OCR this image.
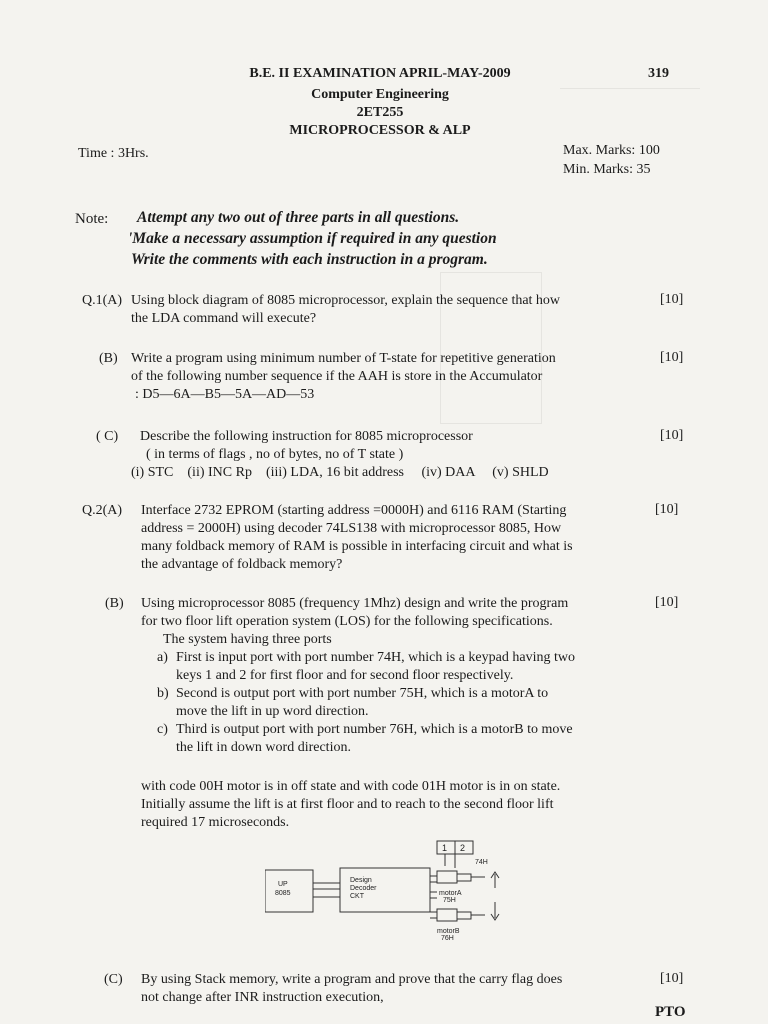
B.E. II EXAMINATION APRIL-MAY-2009	319
Computer Engineering
2ET255
MICROPROCESSOR & ALP
Time : 3Hrs.	Max. Marks: 100
Min. Marks: 35
Note: Attempt any two out of three parts in all questions.
'Make a necessary assumption if required in any question
Write the comments with each instruction in a program.
Q.1(A) Using block diagram of 8085 microprocessor, explain the sequence that how
the LDA command will execute?
[10]
(B) Write a program using minimum number of T-state for repetitive generation
of the following number sequence if the AAH is store in the Accumulator
: D5—6A—B5—5A—AD—53
[10]
( C) Describe the following instruction for 8085 microprocessor
( in terms of flags , no of bytes, no of T state )
(i) STC    (ii) INC Rp    (iii) LDA, 16 bit address     (iv) DAA     (v) SHLD
[10]
Q.2(A) Interface 2732 EPROM (starting address =0000H) and 6116 RAM (Starting
address = 2000H) using decoder 74LS138 with microprocessor 8085, How
many foldback memory of RAM is possible in interfacing circuit and what is
the advantage of foldback memory?
[10]
(B) Using microprocessor 8085 (frequency 1Mhz) design and write the program
for two floor lift operation system (LOS) for the following specifications.
[10]
The system having three ports
a) First is input port with port number 74H, which is a keypad having two
keys 1 and 2 for first floor and for second floor respectively.
b) Second is output port with port number 75H, which is a motorA to
move the lift in up word direction.
c) Third is output port with port number 76H, which is a motorB to move
the lift in down word direction.
with code 00H motor is in off state and with code 01H motor is in on state.
Initially assume the lift is at first floor and to reach to the second floor lift
required 17 microseconds.
1 2
74H
UP
8085
Design
Decoder
CKT	motorA
75H
motorB
76H
(C) By using Stack memory, write a program and prove that the carry flag does
not change after INR instruction execution,
[10]
PTO
